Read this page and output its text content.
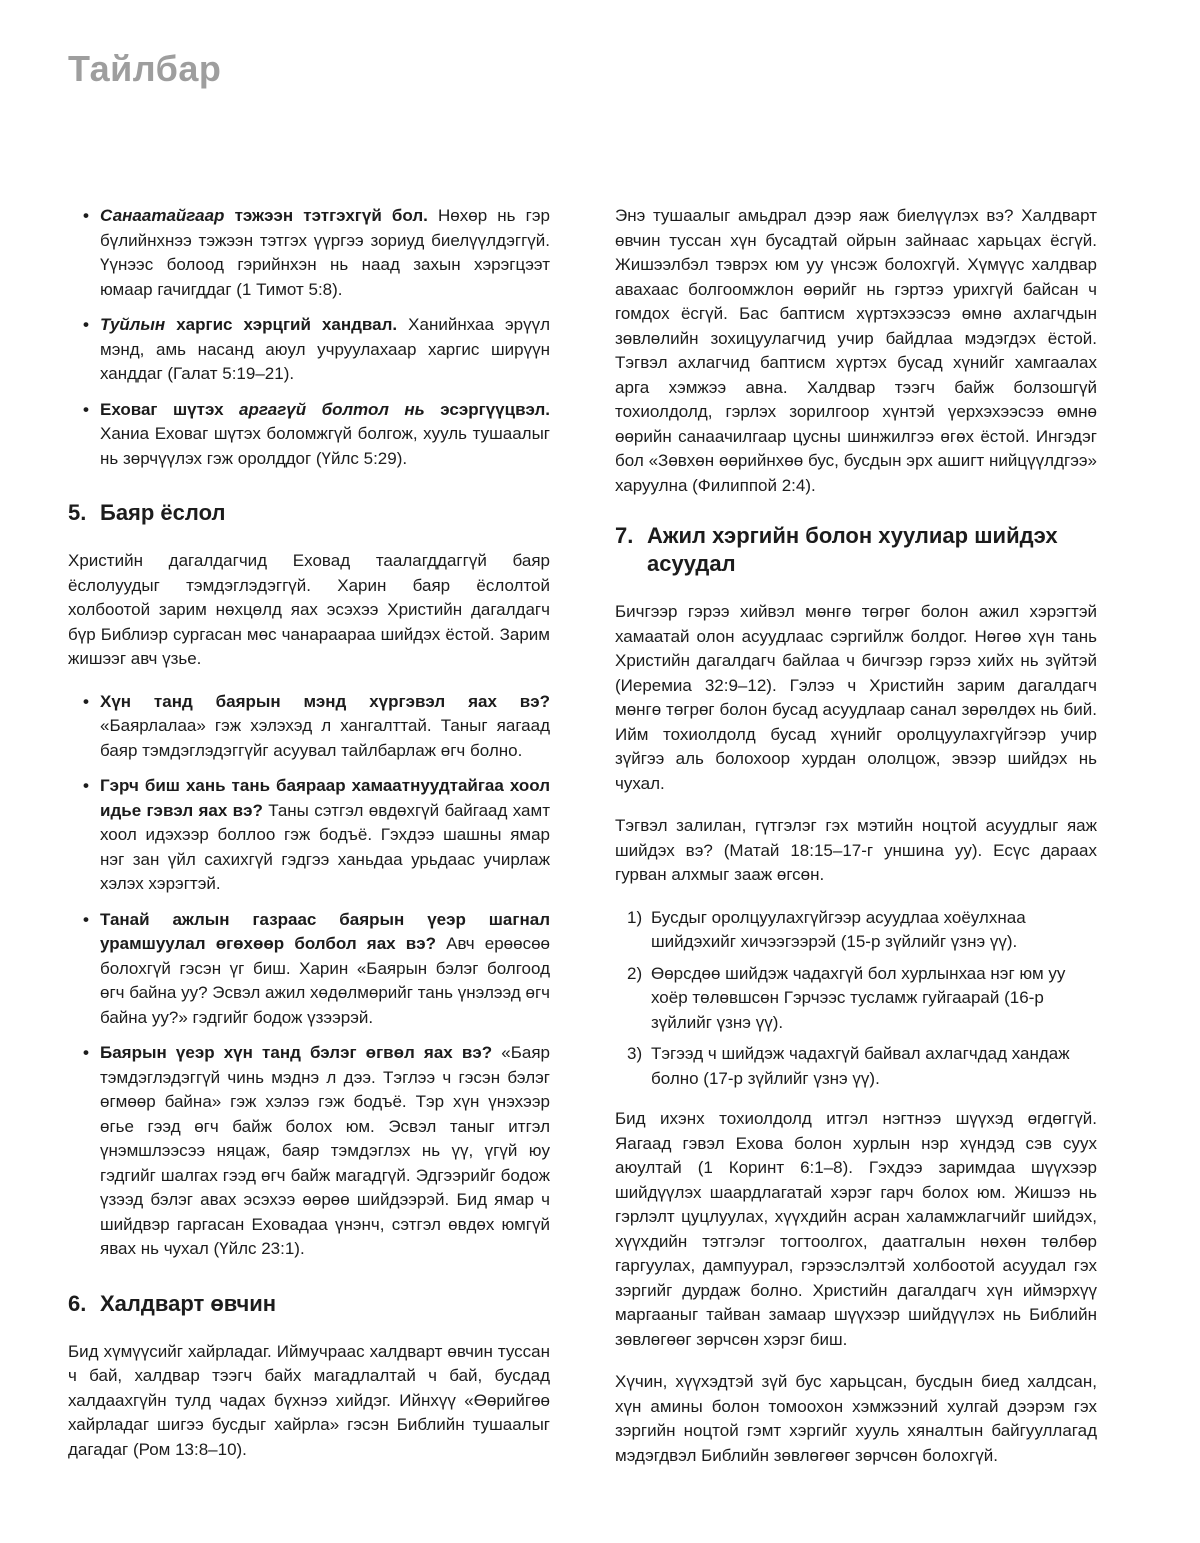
Тайлбар
• Санаатайгаар тэжээн тэтгэхгүй бол. Нөхөр нь гэр бүлийнхнээ тэжээн тэтгэх үүргээ зориуд биелүүлдэггүй. Үүнээс болоод гэрийнхэн нь наад захын хэрэгцээт юмаар гачигддаг (1 Тимот 5:8).
• Туйлын харгис хэрцгий хандвал. Ханийнхаа эрүүл мэнд, амь насанд аюул учруулахаар харгис ширүүн ханддаг (Галат 5:19–21).
• Еховаг шүтэх аргагүй болтол нь эсэргүүцвэл. Ханиа Еховаг шүтэх боломжгүй болгож, хууль тушаалыг нь зөрчүүлэх гэж оролддог (Үйлс 5:29).
5. Баяр ёслол

Христийн дагалдагчид Еховад таалагддаггүй баяр ёслолуудыг тэмдэглэдэггүй. Харин баяр ёслолтой холбоотой зарим нөхцөлд яах эсэхээ Христийн дагалдагч бүр Библиэр сургасан мөс чанараараа шийдэх ёстой. Зарим жишээг авч үзье.

• Хүн танд баярын мэнд хүргэвэл яах вэ? «Баярлалаа» гэж хэлэхэд л хангалттай. Таныг яагаад баяр тэмдэглэдэггүйг асуувал тайлбарлаж өгч болно.
• Гэрч биш хань тань баяраар хамаатнуудтайгаа хоол идье гэвэл яах вэ? Таны сэтгэл өвдөхгүй байгаад хамт хоол идэхээр боллоо гэж бодъё. Гэхдээ шашны ямар нэг зан үйл сахихгүй гэдгээ ханьдаа урьдаас учирлаж хэлэх хэрэгтэй.
• Танай ажлын газраас баярын үеэр шагнал урамшуулал өгөхөөр болбол яах вэ? Авч ерөөсөө болохгүй гэсэн үг биш. Харин «Баярын бэлэг болгоод өгч байна уу? Эсвэл ажил хөдөлмөрийг тань үнэлээд өгч байна уу?» гэдгийг бодож үзээрэй.
• Баярын үеэр хүн танд бэлэг өгвөл яах вэ? «Баяр тэмдэглэдэггүй чинь мэднэ л дээ. Тэглээ ч гэсэн бэлэг өгмөөр байна» гэж хэлээ гэж бодъё. Тэр хүн үнэхээр өгье гээд өгч байж болох юм. Эсвэл таныг итгэл үнэмшлээсээ няцаж, баяр тэмдэглэх нь үү, үгүй юу гэдгийг шалгах гээд өгч байж магадгүй. Эдгээрийг бодож үзээд бэлэг авах эсэхээ өөрөө шийдээрэй. Бид ямар ч шийдвэр гаргасан Еховадаа үнэнч, сэтгэл өвдөх юмгүй явах нь чухал (Үйлс 23:1).
6. Халдварт өвчин

Бид хүмүүсийг хайрладаг. Иймучраас халдварт өвчин туссан ч бай, халдвар тээгч байх магадлалтай ч бай, бусдад халдаахгүйн тулд чадах бүхнээ хийдэг. Ийнхүү «Өөрийгөө хайрладаг шигээ бусдыг хайрла» гэсэн Библийн тушаалыг дагадаг (Ром 13:8–10).

Энэ тушаалыг амьдрал дээр яаж биелүүлэх вэ? Халдварт өвчин туссан хүн бусадтай ойрын зайнаас харьцах ёсгүй. Жишээлбэл тэврэх юм уу үнсэж болохгүй. Хүмүүс халдвар авахаас болгоомжлон өөрийг нь гэртээ урихгүй байсан ч гомдох ёсгүй. Бас баптисм хүртэхээсээ өмнө ахлагчдын зөвлөлийн зохицуулагчид учир байдлаа мэдэгдэх ёстой. Тэгвэл ахлагчид баптисм хүртэх бусад хүнийг хамгаалах арга хэмжээ авна. Халдвар тээгч байж болзошгүй тохиолдолд, гэрлэх зорилгоор хүнтэй үерхэхээсээ өмнө өөрийн санаачилгаар цусны шинжилгээ өгөх ёстой. Ингэдэг бол «Зөвхөн өөрийнхөө бус, бусдын эрх ашигт нийцүүлдгээ» харуулна (Филиппой 2:4).

7. Ажил хэргийн болон хуулиар шийдэх асуудал

Бичгээр гэрээ хийвэл мөнгө төгрөг болон ажил хэрэгтэй хамаатай олон асуудлаас сэргийлж болдог. Нөгөө хүн тань Христийн дагалдагч байлаа ч бичгээр гэрээ хийх нь зүйтэй (Иеремиа 32:9–12). Гэлээ ч Христийн зарим дагалдагч мөнгө төгрөг болон бусад асуудлаар санал зөрөлдөх нь бий. Ийм тохиолдолд бусад хүнийг оролцуулахгүйгээр учир зүйгээ аль болохоор хурдан ололцож, эвээр шийдэх нь чухал.

Тэгвэл залилан, гүтгэлэг гэх мэтийн ноцтой асуудлыг яаж шийдэх вэ? (Матай 18:15–17-г уншина уу). Есүс дараах гурван алхмыг зааж өгсөн.

1) Бусдыг оролцуулахгүйгээр асуудлаа хоёулхнаа шийдэхийг хичээгээрэй (15-р зүйлийг үзнэ үү).
2) Өөрсдөө шийдэж чадахгүй бол хурлынхаа нэг юм уу хоёр төлөвшсөн Гэрчээс тусламж гуйгаарай (16-р зүйлийг үзнэ үү).
3) Тэгээд ч шийдэж чадахгүй байвал ахлагчдад хандаж болно (17-р зүйлийг үзнэ үү).

Бид ихэнх тохиолдолд итгэл нэгтнээ шүүхэд өгдөггүй. Яагаад гэвэл Ехова болон хурлын нэр хүндэд сэв суух аюултай (1 Коринт 6:1–8). Гэхдээ заримдаа шүүхээр шийдүүлэх шаардлагатай хэрэг гарч болох юм. Жишээ нь гэрлэлт цуцлуулах, хүүхдийн асран халамжлагчийг шийдэх, хүүхдийн тэтгэлэг тогтоолгох, даатгалын нөхөн төлбөр гаргуулах, дампуурал, гэрээслэлтэй холбоотой асуудал гэх зэргийг дурдаж болно. Христийн дагалдагч хүн иймэрхүү маргааныг тайван замаар шүүхээр шийдүүлэх нь Библийн зөвлөгөөг зөрчсөн хэрэг биш.

Хүчин, хүүхэдтэй зүй бус харьцсан, бусдын биед халдсан, хүн амины болон томоохон хэмжээний хулгай дээрэм гэх зэргийн ноцтой гэмт хэргийг хууль хяналтын байгууллагад мэдэгдвэл Библийн зөвлөгөөг зөрчсөн болохгүй.
